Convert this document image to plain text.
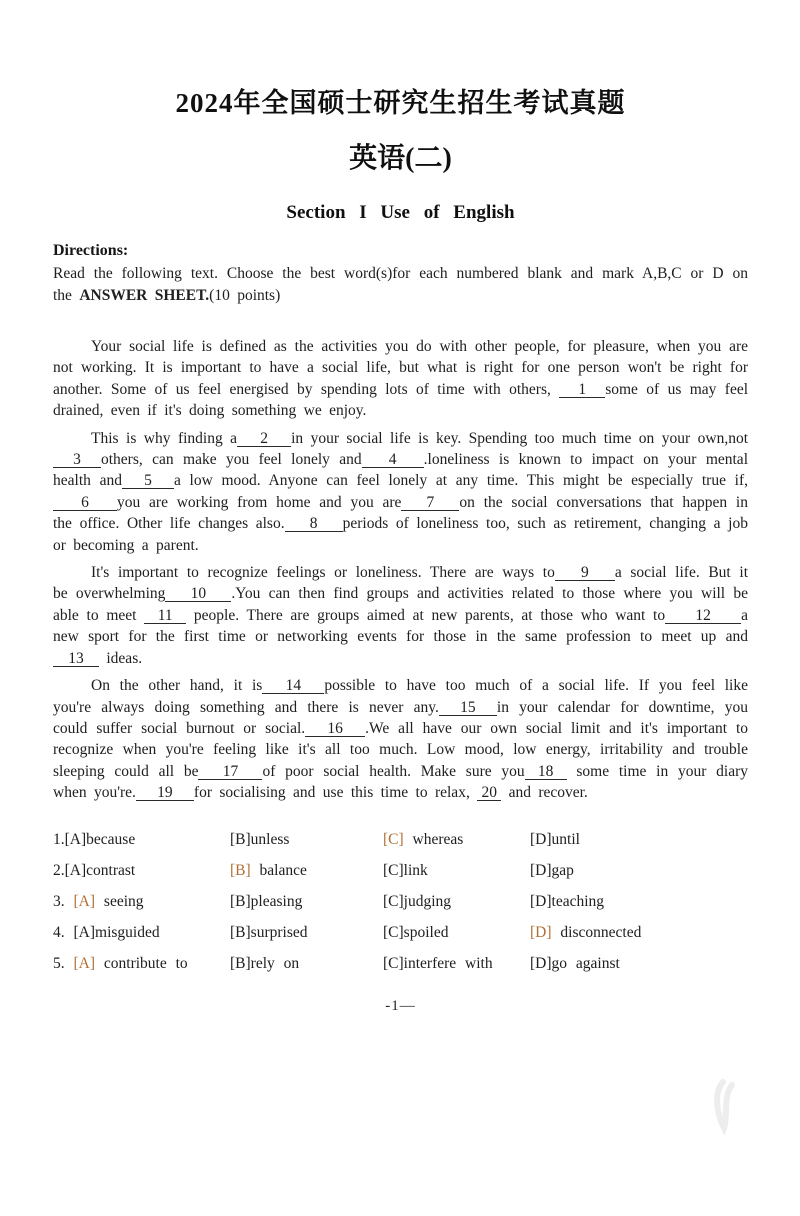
2024年全国硕士研究生招生考试真题
英语(二)
Section I Use of English
Directions:

Read the following text. Choose the best word(s)for each numbered blank and mark A,B,C or D on the ANSWER SHEET.(10 points)

Your social life is defined as the activities you do with other people, for pleasure, when you are not working. It is important to have a social life, but what is right for one person won't be right for another. Some of us feel energised by spending lots of time with others, 1 some of us may feel drained, even if it's doing something we enjoy.

This is why finding a 2 in your social life is key. Spending too much time on your own,not 3 others, can make you feel lonely and 4 .loneliness is known to impact on your mental health and 5 a low mood. Anyone can feel lonely at any time. This might be especially true if,6 you are working from home and you are 7 on the social conversations that happen in the office. Other life changes also. 8 periods of loneliness too, such as retirement, changing a job or becoming a parent.

It's important to recognize feelings or loneliness. There are ways to 9 a social life. But it be overwhelming 10 .You can then find groups and activities related to those where you will be able to meet 11 people. There are groups aimed at new parents, at those who want to 12 a new sport for the first time or networking events for those in the same profession to meet up and 13 ideas.

On the other hand, it is 14 possible to have too much of a social life. If you feel like you're always doing something and there is never any. 15 in your calendar for downtime, you could suffer social burnout or social. 16 .We all have our own social limit and it's important to recognize when you're feeling like it's all too much. Low mood, low energy, irritability and trouble sleeping could all be 17 of poor social health. Make sure you 18 some time in your diary when you're. 19 for socialising and use this time to relax, 20 and recover.

1.[A]because	[B]unless	[C] whereas	[D]until
2.[A]contrast	[B] balance	[C]link	[D]gap
3. [A] seeing	[B]pleasing	[C]judging	[D]teaching
4. [A]misguided	[B]surprised	[C]spoiled	[D] disconnected
5. [A] contribute to	[B]rely on	[C]interfere with	[D]go against
-1—
